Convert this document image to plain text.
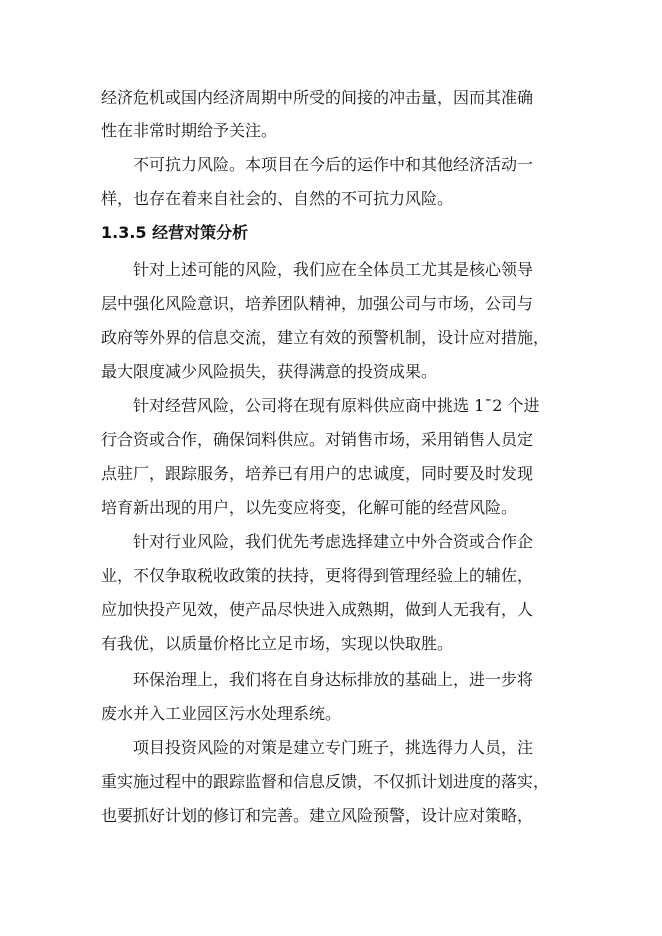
经济危机或国内经济周期中所受的间接的冲击量，因而其准确
性在非常时期给予关注。
不可抗力风险。本项目在今后的运作中和其他经济活动一
样，也存在着来自社会的、自然的不可抗力风险。
1.3.5 经营对策分析
针对上述可能的风险，我们应在全体员工尤其是核心领导
层中强化风险意识，培养团队精神，加强公司与市场，公司与
政府等外界的信息交流，建立有效的预警机制，设计应对措施，
最大限度减少风险损失，获得满意的投资成果。
针对经营风险，公司将在现有原料供应商中挑选 1¯2 个进
行合资或合作，确保饲料供应。对销售市场，采用销售人员定
点驻厂，跟踪服务，培养已有用户的忠诚度，同时要及时发现
培育新出现的用户，以先变应将变，化解可能的经营风险。
针对行业风险，我们优先考虑选择建立中外合资或合作企
业，不仅争取税收政策的扶持，更将得到管理经验上的辅佐，
应加快投产见效，使产品尽快进入成熟期，做到人无我有，人
有我优，以质量价格比立足市场，实现以快取胜。
环保治理上，我们将在自身达标排放的基础上，进一步将
废水并入工业园区污水处理系统。
项目投资风险的对策是建立专门班子，挑选得力人员，注
重实施过程中的跟踪监督和信息反馈，不仅抓计划进度的落实，
也要抓好计划的修订和完善。建立风险预警，设计应对策略，
